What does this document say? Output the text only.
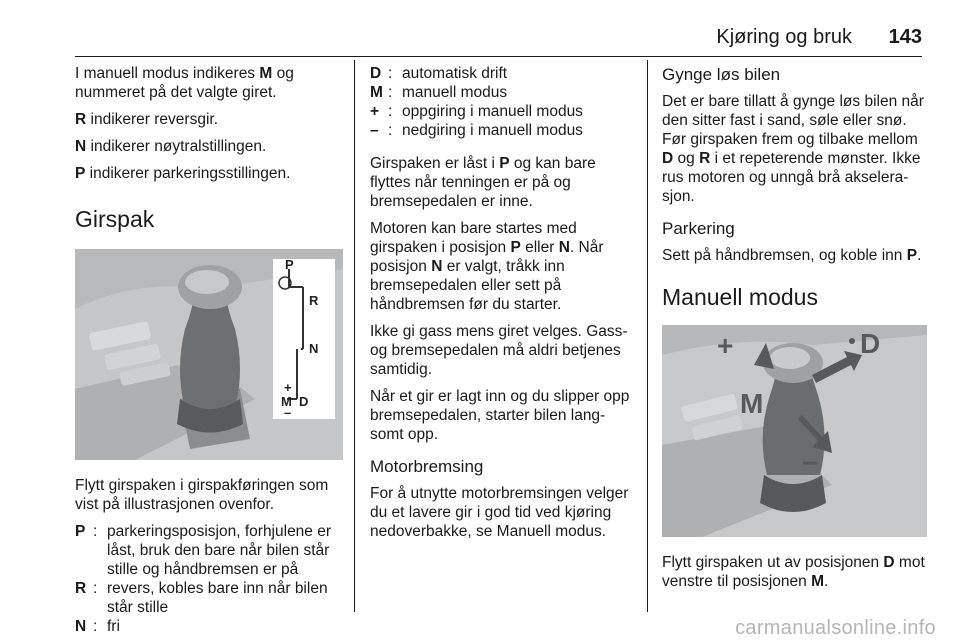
Kjøring og bruk 143

I manuell modus indikeres M og nummeret på det valgte giret.

R indikerer reversgir.

N indikerer nøytralstillingen.

P indikerer parkeringsstillingen.

Girspak
P
R
N
+
M D
–

Flytt girspaken i girspakføringen som vist på illustrasjonen ovenfor.

P : parkeringsposisjon, forhjulene er låst, bruk den bare når bilen står stille og håndbremsen er på
R : revers, kobles bare inn når bilen står stille
N : fri
D : automatisk drift
M : manuell modus
+ : oppgiring i manuell modus
– : nedgiring i manuell modus

Girspaken er låst i P og kan bare flyttes når tenningen er på og bremsepedalen er inne.

Motoren kan bare startes med girspaken i posisjon P eller N. Når posisjon N er valgt, tråkk inn bremsepedalen eller sett på håndbremsen før du starter.

Ikke gi gass mens giret velges. Gass- og bremsepedalen må aldri betjenes samtidig.

Når et gir er lagt inn og du slipper opp bremsepedalen, starter bilen lang-somt opp.

Motorbremsing

For å utnytte motorbremsingen velger du et lavere gir i god tid ved kjøring nedoverbakke, se Manuell modus.

Gynge løs bilen

Det er bare tillatt å gynge løs bilen når den sitter fast i sand, søle eller snø.

Før girspaken frem og tilbake mellom D og R i et repeterende mønster. Ikke rus motoren og unngå brå akselera-sjon.

Parkering

Sett på håndbremsen, og koble inn P.

Manuell modus
+	D
M
–

Flytt girspaken ut av posisjonen D mot venstre til posisjonen M.

carmanualsonline.info
